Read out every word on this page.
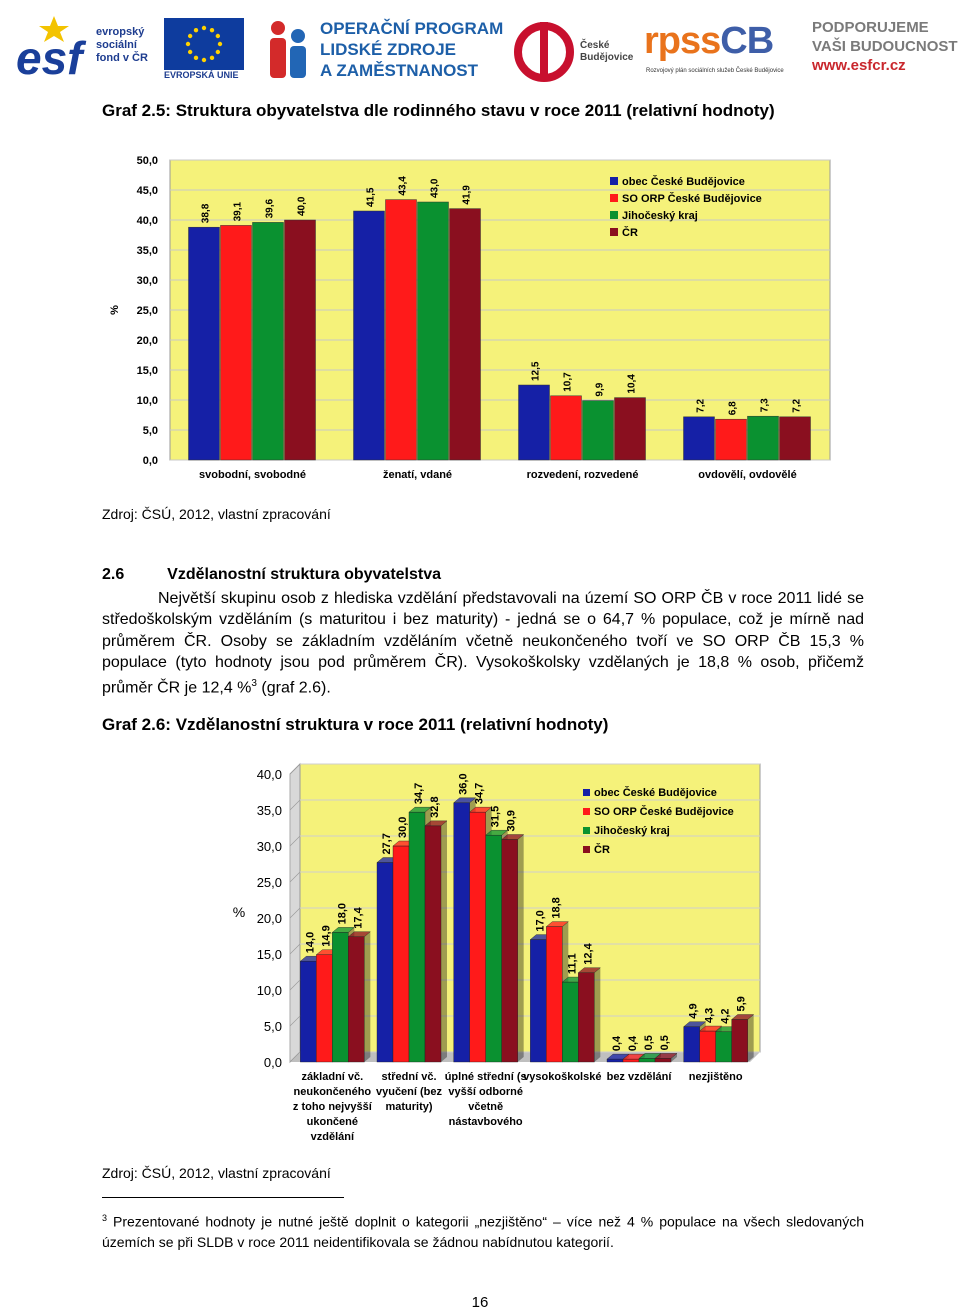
esf	evropský
sociální
fond v ČR
EVROPSKÁ UNIE
OPERAČNÍ PROGRAM
LIDSKÉ ZDROJE
A ZAMĚSTNANOST
České
Budějovice rpssCB
Rozvojový plán sociálních služeb České Budějovice
PODPORUJEME
VAŠI BUDOUCNOST
www.esfcr.cz
Graf 2.5: Struktura obyvatelstva dle rodinného stavu v roce 2011 (relativní hodnoty)
0,0
5,0
10,0
15,0
20,0
25,0
30,0
35,0
40,0
45,0
50,0
%
38,8 39,1 39,6 40,0
svobodní, svobodné
41,5
43,4 43,0 41,9
ženatí, vdané
12,5
10,7 9,9 10,4
rozvedení, rozvedené
7,2 6,8 7,3 7,2
ovdovělí, ovdovělé
obec České Budějovice
SO ORP České Budějovice
Jihočeský kraj
ČR
Zdroj: ČSÚ, 2012, vlastní zpracování
2.6	Vzdělanostní struktura obyvatelstva
Největší skupinu osob z hlediska vzdělání představovali na území SO ORP ČB v roce 2011 lidé se středoškolským vzděláním (s maturitou i bez maturity) - jedná se o 64,7 % populace, což je mírně nad průměrem ČR. Osoby se základním vzděláním včetně neukončeného tvoří ve SO ORP ČB 15,3 % populace (tyto hodnoty jsou pod průměrem ČR). Vysokoškolsky vzdělaných je 18,8 % osob, přičemž průměr ČR je 12,4 %$^3$ (graf 2.6).
Graf 2.6: Vzdělanostní struktura v roce 2011 (relativní hodnoty)
0,0
5,0
10,0
15,0
20,0
25,0
30,0
35,0
40,0
%
14,0 14,9
18,0 17,4
základní vč.
neukončeného
z toho nejvyšší
ukončené
vzdělání
27,7
30,0
34,7
32,8
střední vč.
vyučení (bez
maturity)
36,0 34,7
31,5 30,9
úplné střední (s
vyšší odborné
včetně
nástavbového
17,0
18,8
11,1 12,4
vysokoškolské
0,4 0,4 0,5 0,5
bez vzdělání
4,9 4,3 4,2
5,9
nezjištěno
obec České Budějovice
SO ORP České Budějovice
Jihočeský kraj
ČR
Zdroj: ČSÚ, 2012, vlastní zpracování
$^3$ Prezentované hodnoty je nutné ještě doplnit o kategorii „nezjištěno“ – více než 4 % populace na všech sledovaných územích se při SLDB v roce 2011 neidentifikovala se žádnou nabídnutou kategorií.
16
